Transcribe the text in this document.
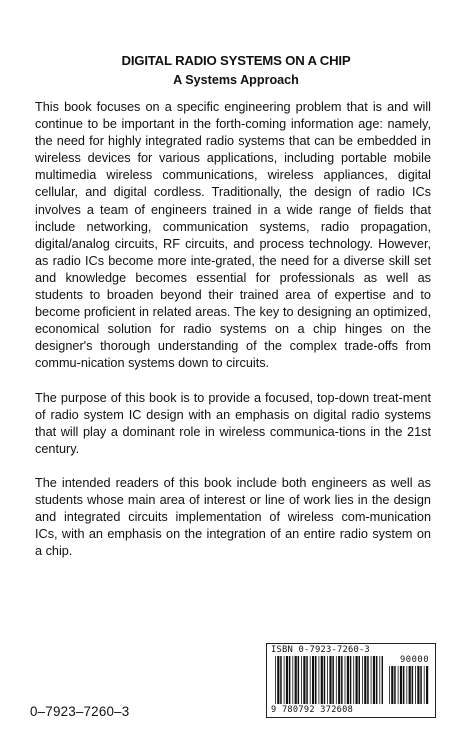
DIGITAL RADIO SYSTEMS ON A CHIP
A Systems Approach

This book focuses on a specific engineering problem that is and will continue to be important in the forth-coming information age: namely, the need for highly integrated radio systems that can be embedded in wireless devices for various applications, including portable mobile multimedia wireless communications, wireless appliances, digital cellular, and digital cordless. Traditionally, the design of radio ICs involves a team of engineers trained in a wide range of fields that include networking, communication systems, radio propagation, digital/analog circuits, RF circuits, and process technology. However, as radio ICs become more inte-grated, the need for a diverse skill set and knowledge becomes essential for professionals as well as students to broaden beyond their trained area of expertise and to become proficient in related areas. The key to designing an optimized, economical solution for radio systems on a chip hinges on the designer's thorough understanding of the complex trade-offs from commu-nication systems down to circuits.

The purpose of this book is to provide a focused, top-down treat-ment of radio system IC design with an emphasis on digital radio systems that will play a dominant role in wireless communica-tions in the 21st century.

The intended readers of this book include both engineers as well as students whose main area of interest or line of work lies in the design and integrated circuits implementation of wireless com-munication ICs, with an emphasis on the integration of an entire radio system on a chip.

ISBN 0-7923-7260-3
90000
9 780792 372608
0–7923–7260–3
